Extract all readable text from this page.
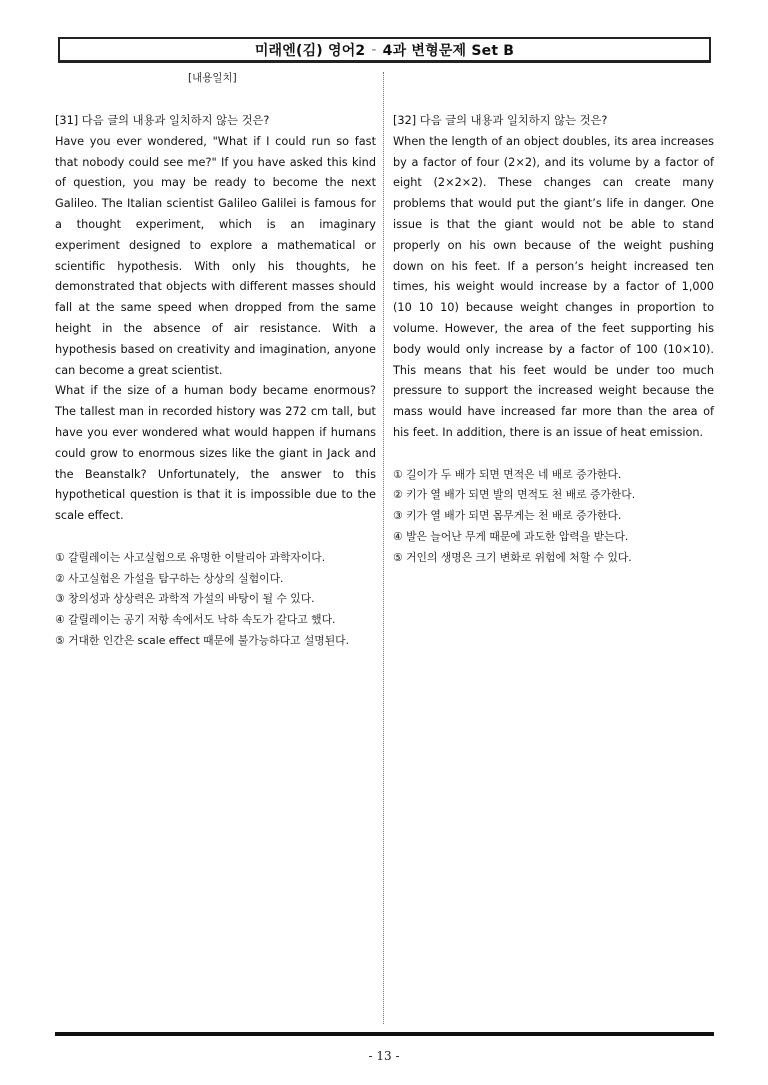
미래엔(김) 영어2 - 4과 변형문제 Set B
[내용일치]

[31] 다음 글의 내용과 일치하지 않는 것은?

Have you ever wondered, "What if I could run so fast that nobody could see me?" If you have asked this kind of question, you may be ready to become the next Galileo. The Italian scientist Galileo Galilei is famous for a thought experiment, which is an imaginary experiment designed to explore a mathematical or scientific hypothesis. With only his thoughts, he demonstrated that objects with different masses should fall at the same speed when dropped from the same height in the absence of air resistance. With a hypothesis based on creativity and imagination, anyone can become a great scientist.

What if the size of a human body became enormous? The tallest man in recorded history was 272 cm tall, but have you ever wondered what would happen if humans could grow to enormous sizes like the giant in Jack and the Beanstalk? Unfortunately, the answer to this hypothetical question is that it is impossible due to the scale effect.

① 갈릴레이는 사고실험으로 유명한 이탈리아 과학자이다.
② 사고실험은 가설을 탐구하는 상상의 실험이다.
③ 창의성과 상상력은 과학적 가설의 바탕이 될 수 있다.
④ 갈릴레이는 공기 저항 속에서도 낙하 속도가 같다고 했다.
⑤ 거대한 인간은 scale effect 때문에 불가능하다고 설명된다.

[32] 다음 글의 내용과 일치하지 않는 것은?

When the length of an object doubles, its area increases by a factor of four (2×2), and its volume by a factor of eight (2×2×2). These changes can create many problems that would put the giant’s life in danger. One issue is that the giant would not be able to stand properly on his own because of the weight pushing down on his feet. If a person’s height increased ten times, his weight would increase by a factor of 1,000 (10 10 10) because weight changes in proportion to volume. However, the area of the feet supporting his body would only increase by a factor of 100 (10×10). This means that his feet would be under too much pressure to support the increased weight because the mass would have increased far more than the area of his feet. In addition, there is an issue of heat emission.

① 길이가 두 배가 되면 면적은 네 배로 증가한다.
② 키가 열 배가 되면 발의 면적도 천 배로 증가한다.
③ 키가 열 배가 되면 몸무게는 천 배로 증가한다.
④ 발은 늘어난 무게 때문에 과도한 압력을 받는다.
⑤ 거인의 생명은 크기 변화로 위험에 처할 수 있다.
- 13 -
